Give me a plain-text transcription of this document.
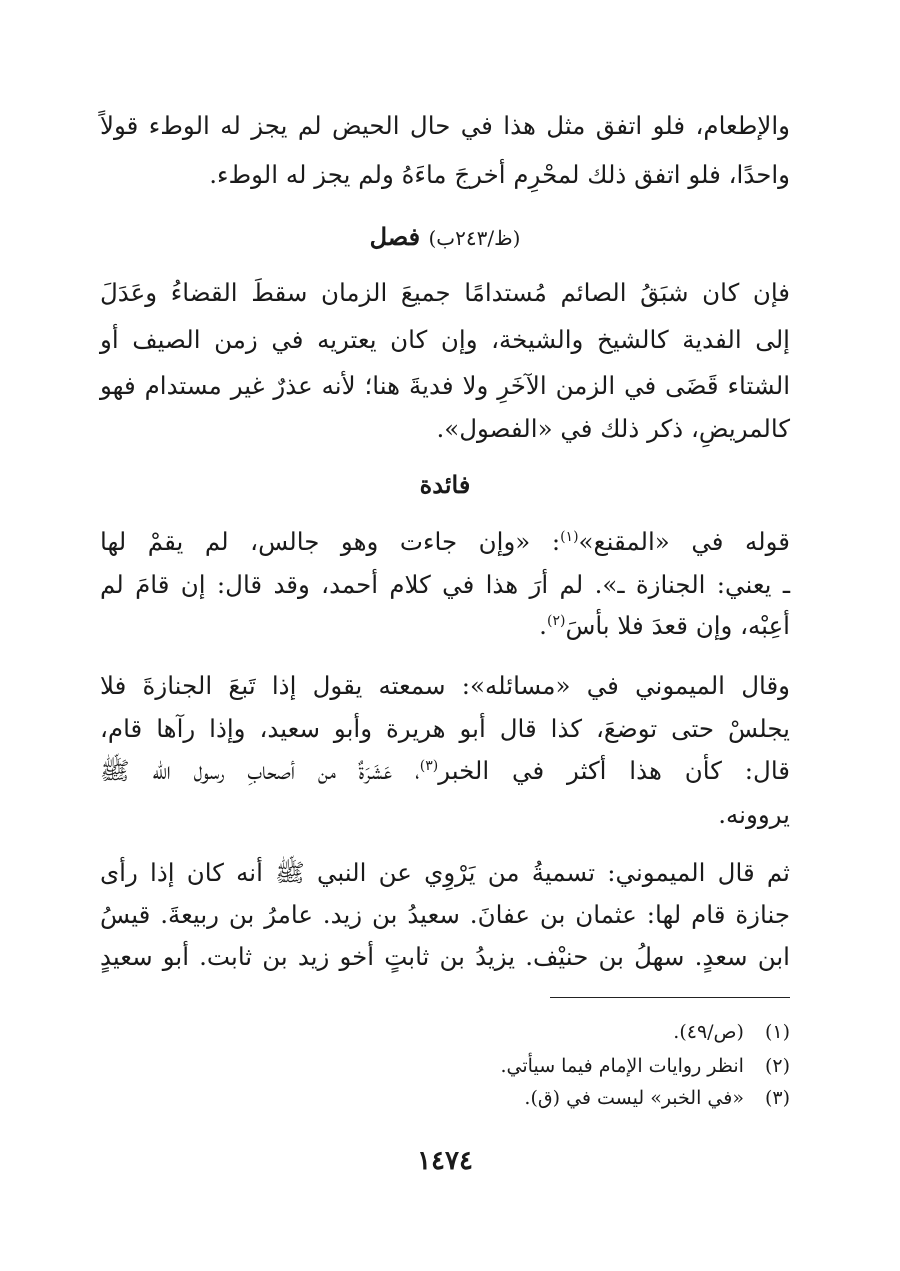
والإطعام، فلو اتفق مثل هذا في حال الحيض لم يجز له الوطء قولاً
واحدًا، فلو اتفق ذلك لمحْرِم أخرجَ ماءَهُ ولم يجز له الوطء.
(ظ/٢٤٣ب) فصل
فإن كان شبَقُ الصائم مُستدامًا جميعَ الزمان سقطَ القضاءُ وعَدَلَ
إلى الفدية كالشيخ والشيخة، وإن كان يعتريه في زمن الصيف أو
الشتاء قَضَى في الزمن الآخَرِ ولا فديةَ هنا؛ لأنه عذرٌ غير مستدام فهو
كالمريضِ، ذكر ذلك في «الفصول».
فائدة
قوله في «المقنع»$^{(١)}$: «وإن جاءت وهو جالس، لم يقمْ لها
ـ يعني: الجنازة ـ». لم أرَ هذا في كلام أحمد، وقد قال: إن قامَ لم
أعِبْه، وإن قعدَ فلا بأسَ$^{(٢)}$.
وقال الميموني في «مسائله»: سمعته يقول إذا تَبعَ الجنازةَ فلا
يجلسْ حتى توضعَ، كذا قال أبو هريرة وأبو سعيد، وإذا رآها قام،
قال: كأن هذا أكثر في الخبر$^{(٣)}$، عَشَرَةٌ من أصحابِ رسول الله ﷺ
يروونه.
ثم قال الميموني: تسميةُ من يَرْوِي عن النبي ﷺ أنه كان إذا رأى
جنازة قام لها: عثمان بن عفانَ. سعيدُ بن زيد. عامرُ بن ربيعةَ. قيسُ
ابن سعدٍ. سهلُ بن حنيْف. يزيدُ بن ثابتٍ أخو زيد بن ثابت. أبو سعيدٍ
(١) (ص/٤٩).
(٢) انظر روايات الإمام فيما سيأتي.
(٣) «في الخبر» ليست في (ق).
١٤٧٤
